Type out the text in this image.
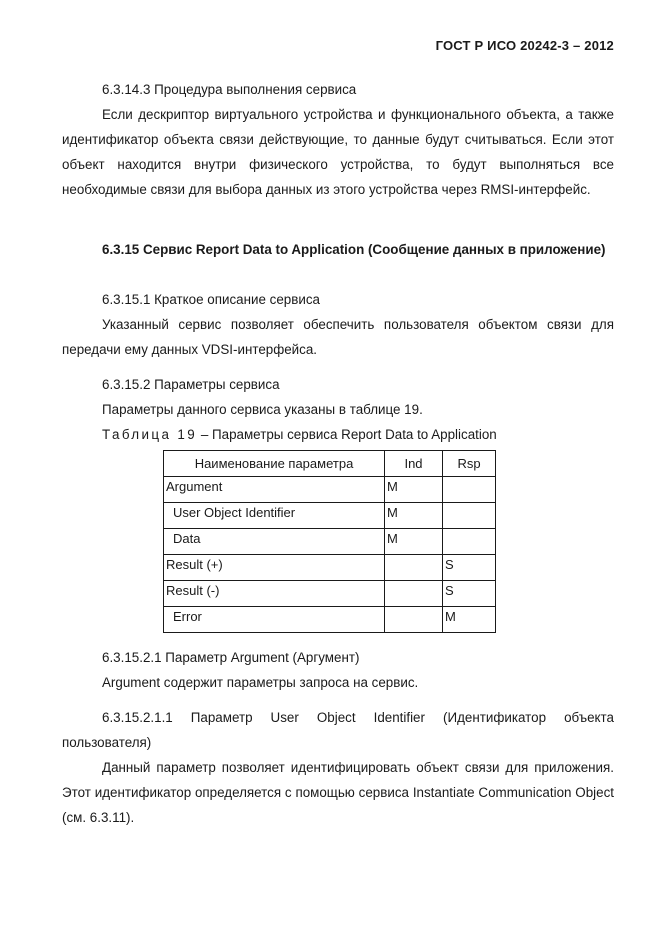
ГОСТ Р ИСО 20242-3 – 2012
6.3.14.3 Процедура выполнения сервиса
Если дескриптор виртуального устройства и функционального объекта, а также идентификатор объекта связи действующие, то данные будут считываться. Если этот объект находится внутри физического устройства, то будут выполняться все необходимые связи для выбора данных из этого устройства через RMSI-интерфейс.
6.3.15 Сервис Report Data to Application (Сообщение данных в приложение)
6.3.15.1 Краткое описание сервиса
Указанный сервис позволяет обеспечить пользователя объектом связи для передачи ему данных VDSI-интерфейса.
6.3.15.2 Параметры сервиса
Параметры данного сервиса указаны в таблице 19.
Таблица 19 – Параметры сервиса Report Data to Application
Наименование параметра	Ind	Rsp
Argument	M	
User Object Identifier	M	
Data	M	
Result (+)		S
Result (-)		S
Error		M
6.3.15.2.1 Параметр Argument (Аргумент)
Argument содержит параметры запроса на сервис.
6.3.15.2.1.1 Параметр User Object Identifier (Идентификатор объекта пользователя)
Данный параметр позволяет идентифицировать объект связи для приложения. Этот идентификатор определяется с помощью сервиса Instantiate Communication Object (см. 6.3.11).
